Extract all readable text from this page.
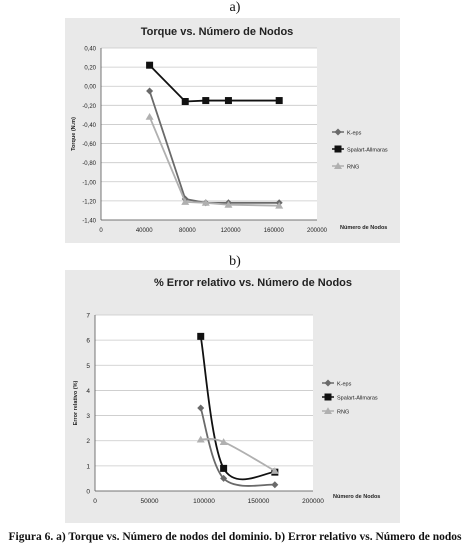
a)
Torque vs. Número de Nodos
0,40
0,20
0,00
-0,20
-0,40
-0,60
-0,80
-1,00
-1,20
-1,40
0	40000	80000	120000	160000	200000 Número de Nodos
Torque (N.m)	K-eps
Spalart-Allmaras
RNG
b)
% Error relativo vs. Número de Nodos
0
1
2
3
4
5
6
7
0	50000	100000	150000	200000
Número de Nodos
Error relativo (%)	K-eps
Spalart-Allmaras
RNG
Figura 6. a) Torque vs. Número de nodos del dominio. b) Error relativo vs. Número de nodos
